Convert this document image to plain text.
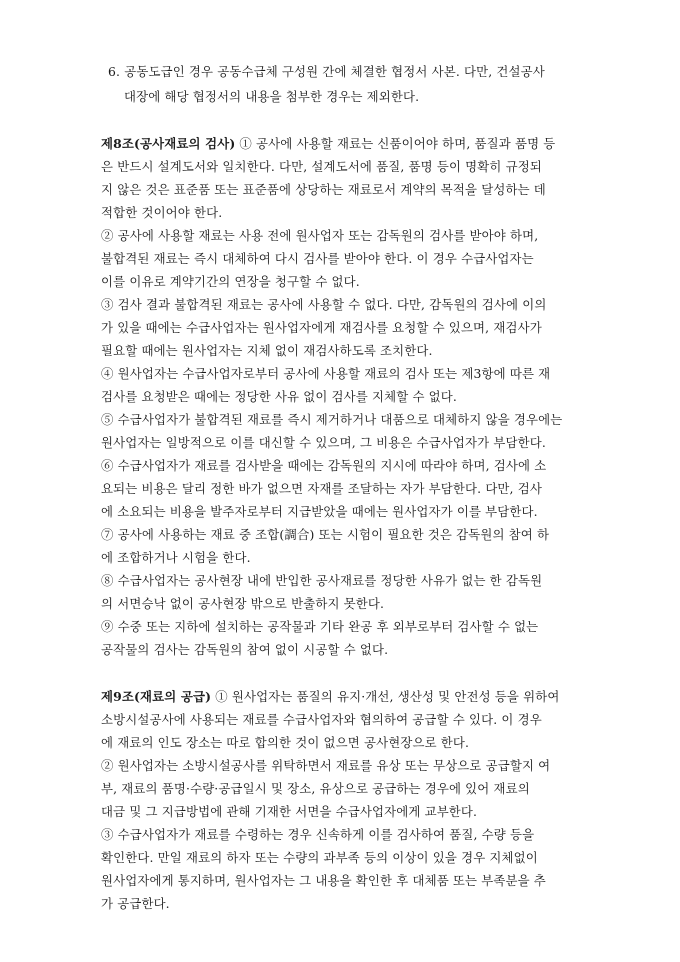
6. 공동도급인 경우 공동수급체 구성원 간에 체결한 협정서 사본. 다만, 건설공사
대장에 해당 협정서의 내용을 첨부한 경우는 제외한다.
제8조(공사재료의 검사) ① 공사에 사용할 재료는 신품이어야 하며, 품질과 품명 등
은 반드시 설계도서와 일치한다. 다만, 설계도서에 품질, 품명 등이 명확히 규정되
지 않은 것은 표준품 또는 표준품에 상당하는 재료로서 계약의 목적을 달성하는 데
적합한 것이어야 한다.
② 공사에 사용할 재료는 사용 전에 원사업자 또는 감독원의 검사를 받아야 하며,
불합격된 재료는 즉시 대체하여 다시 검사를 받아야 한다. 이 경우 수급사업자는
이를 이유로 계약기간의 연장을 청구할 수 없다.
③ 검사 결과 불합격된 재료는 공사에 사용할 수 없다. 다만, 감독원의 검사에 이의
가 있을 때에는 수급사업자는 원사업자에게 재검사를 요청할 수 있으며, 재검사가
필요할 때에는 원사업자는 지체 없이 재검사하도록 조치한다.
④ 원사업자는 수급사업자로부터 공사에 사용할 재료의 검사 또는 제3항에 따른 재
검사를 요청받은 때에는 정당한 사유 없이 검사를 지체할 수 없다.
⑤ 수급사업자가 불합격된 재료를 즉시 제거하거나 대품으로 대체하지 않을 경우에는
원사업자는 일방적으로 이를 대신할 수 있으며, 그 비용은 수급사업자가 부담한다.
⑥ 수급사업자가 재료를 검사받을 때에는 감독원의 지시에 따라야 하며, 검사에 소
요되는 비용은 달리 정한 바가 없으면 자재를 조달하는 자가 부담한다. 다만, 검사
에 소요되는 비용을 발주자로부터 지급받았을 때에는 원사업자가 이를 부담한다.
⑦ 공사에 사용하는 재료 중 조합(調合) 또는 시험이 필요한 것은 감독원의 참여 하
에 조합하거나 시험을 한다.
⑧ 수급사업자는 공사현장 내에 반입한 공사재료를 정당한 사유가 없는 한 감독원
의 서면승낙 없이 공사현장 밖으로 반출하지 못한다.
⑨ 수중 또는 지하에 설치하는 공작물과 기타 완공 후 외부로부터 검사할 수 없는
공작물의 검사는 감독원의 참여 없이 시공할 수 없다.
제9조(재료의 공급) ① 원사업자는 품질의 유지·개선, 생산성 및 안전성 등을 위하여
소방시설공사에 사용되는 재료를 수급사업자와 협의하여 공급할 수 있다. 이 경우
에 재료의 인도 장소는 따로 합의한 것이 없으면 공사현장으로 한다.
② 원사업자는 소방시설공사를 위탁하면서 재료를 유상 또는 무상으로 공급할지 여
부, 재료의 품명·수량·공급일시 및 장소, 유상으로 공급하는 경우에 있어 재료의
대금 및 그 지급방법에 관해 기재한 서면을 수급사업자에게 교부한다.
③ 수급사업자가 재료를 수령하는 경우 신속하게 이를 검사하여 품질, 수량 등을
확인한다. 만일 재료의 하자 또는 수량의 과부족 등의 이상이 있을 경우 지체없이
원사업자에게 통지하며, 원사업자는 그 내용을 확인한 후 대체품 또는 부족분을 추
가 공급한다.
